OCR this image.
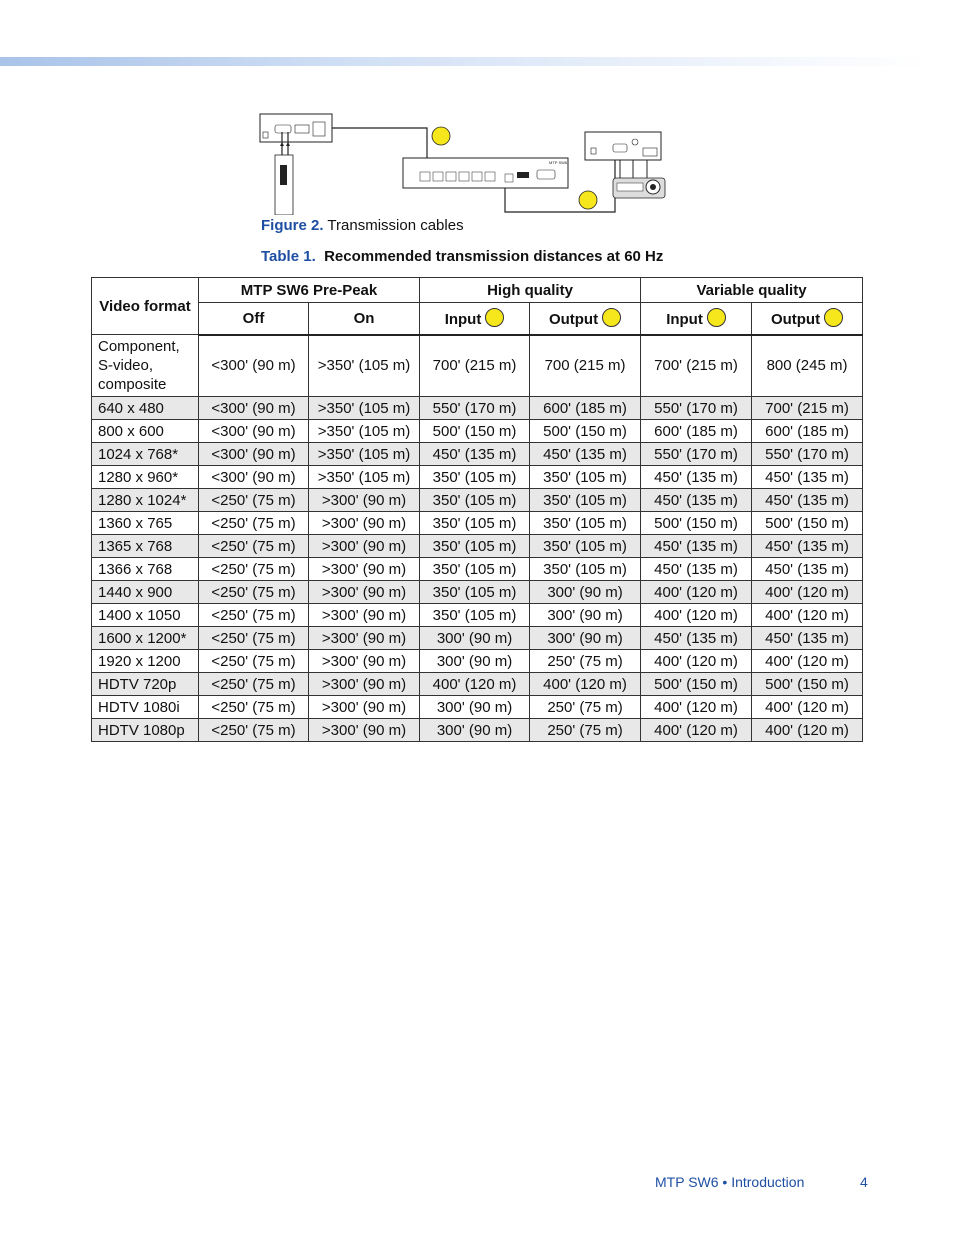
MTP SW6
Figure 2. Transmission cables
Table 1. Recommended transmission distances at 60 Hz
Video format	MTP SW6 Pre-Peak		High quality		Variable quality	
	Off	On	Input	Output	Input	Output
Component, S-video, composite	<300' (90 m)	>350' (105 m)	700' (215 m)	700 (215 m)	700' (215 m)	800 (245 m)
640 x 480	<300' (90 m)	>350' (105 m)	550' (170 m)	600' (185 m)	550' (170 m)	700' (215 m)
800 x 600	<300' (90 m)	>350' (105 m)	500' (150 m)	500' (150 m)	600' (185 m)	600' (185 m)
1024 x 768*	<300' (90 m)	>350' (105 m)	450' (135 m)	450' (135 m)	550' (170 m)	550' (170 m)
1280 x 960*	<300' (90 m)	>350' (105 m)	350' (105 m)	350' (105 m)	450' (135 m)	450' (135 m)
1280 x 1024*	<250' (75 m)	>300' (90 m)	350' (105 m)	350' (105 m)	450' (135 m)	450' (135 m)
1360 x 765	<250' (75 m)	>300' (90 m)	350' (105 m)	350' (105 m)	500' (150 m)	500' (150 m)
1365 x 768	<250' (75 m)	>300' (90 m)	350' (105 m)	350' (105 m)	450' (135 m)	450' (135 m)
1366 x 768	<250' (75 m)	>300' (90 m)	350' (105 m)	350' (105 m)	450' (135 m)	450' (135 m)
1440 x 900	<250' (75 m)	>300' (90 m)	350' (105 m)	300' (90 m)	400' (120 m)	400' (120 m)
1400 x 1050	<250' (75 m)	>300' (90 m)	350' (105 m)	300' (90 m)	400' (120 m)	400' (120 m)
1600 x 1200*	<250' (75 m)	>300' (90 m)	300' (90 m)	300' (90 m)	450' (135 m)	450' (135 m)
1920 x 1200	<250' (75 m)	>300' (90 m)	300' (90 m)	250' (75 m)	400' (120 m)	400' (120 m)
HDTV 720p	<250' (75 m)	>300' (90 m)	400' (120 m)	400' (120 m)	500' (150 m)	500' (150 m)
HDTV 1080i	<250' (75 m)	>300' (90 m)	300' (90 m)	250' (75 m)	400' (120 m)	400' (120 m)
HDTV 1080p	<250' (75 m)	>300' (90 m)	300' (90 m)	250' (75 m)	400' (120 m)	400' (120 m)
MTP SW6 • Introduction	4
